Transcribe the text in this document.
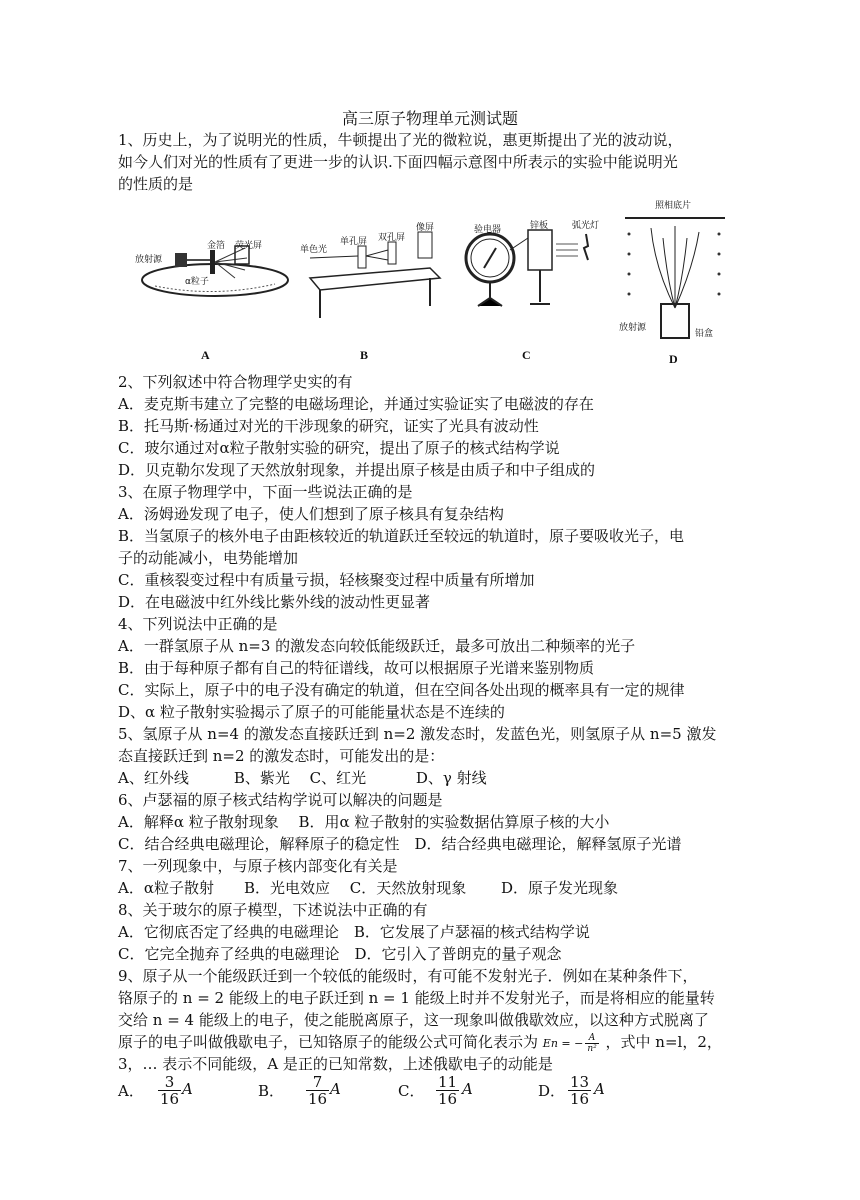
高三原子物理单元测试题
1、历史上，为了说明光的性质，牛顿提出了光的微粒说，惠更斯提出了光的波动说，
如今人们对光的性质有了更进一步的认识.下面四幅示意图中所表示的实验中能说明光
的性质的是
放射源
金箔 荧光屏
α粒子
A
单色光
单孔屏 双孔屏
像屏
B
验电器	锌板	弧光灯
C
照相底片
放射源
铅盒
D
2、下列叙述中符合物理学史实的有
A．麦克斯韦建立了完整的电磁场理论，并通过实验证实了电磁波的存在
B．托马斯·杨通过对光的干涉现象的研究，证实了光具有波动性
C．玻尔通过对α粒子散射实验的研究，提出了原子的核式结构学说
D．贝克勒尔发现了天然放射现象，并提出原子核是由质子和中子组成的
3、在原子物理学中，下面一些说法正确的是
A．汤姆逊发现了电子，使人们想到了原子核具有复杂结构
B．当氢原子的核外电子由距核较近的轨道跃迁至较远的轨道时，原子要吸收光子，电
子的动能减小，电势能增加
C．重核裂变过程中有质量亏损，轻核聚变过程中质量有所增加
D．在电磁波中红外线比紫外线的波动性更显著
4、下列说法中正确的是
A．一群氢原子从 n=3 的激发态向较低能级跃迁，最多可放出二种频率的光子
B．由于每种原子都有自己的特征谱线，故可以根据原子光谱来鉴别物质
C．实际上，原子中的电子没有确定的轨道，但在空间各处出现的概率具有一定的规律
D、α 粒子散射实验揭示了原子的可能能量状态是不连续的
5、氢原子从 n=4 的激发态直接跃迁到 n=2 激发态时，发蓝色光，则氢原子从 n=5 激发
态直接跃迁到 n=2 的激发态时，可能发出的是：
A、红外线　　　B、紫光　 C、红光　　　 D、γ 射线
6、卢瑟福的原子核式结构学说可以解决的问题是
A．解释α 粒子散射现象　 B．用α 粒子散射的实验数据估算原子核的大小
C．结合经典电磁理论，解释原子的稳定性　D．结合经典电磁理论，解释氢原子光谱
7、一列现象中，与原子核内部变化有关是
A．α粒子散射　　B．光电效应　 C．天然放射现象　　 D．原子发光现象
8、关于玻尔的原子模型，下述说法中正确的有
A．它彻底否定了经典的电磁理论　B．它发展了卢瑟福的核式结构学说
C．它完全抛弃了经典的电磁理论　D．它引入了普朗克的量子观念
9、原子从一个能级跃迁到一个较低的能级时，有可能不发射光子．例如在某种条件下，
铬原子的 n = 2 能级上的电子跃迁到 n = 1 能级上时并不发射光子，而是将相应的能量转
交给 n = 4 能级上的电子，使之能脱离原子，这一现象叫做俄歇效应，以这种方式脱离了
原子的电子叫做俄歇电子，已知铬原子的能级公式可简化表示为 En = − $\frac{A}{\text{n²}}$ ，式中 n=l，2，
3，… 表示不同能级，A 是正的已知常数，上述俄歇电子的动能是
A． $\frac{3}{16}$ A	B． $\frac{7}{16}$ A	C． $\frac{11}{16}$ A	D． $\frac{13}{16}$ A
